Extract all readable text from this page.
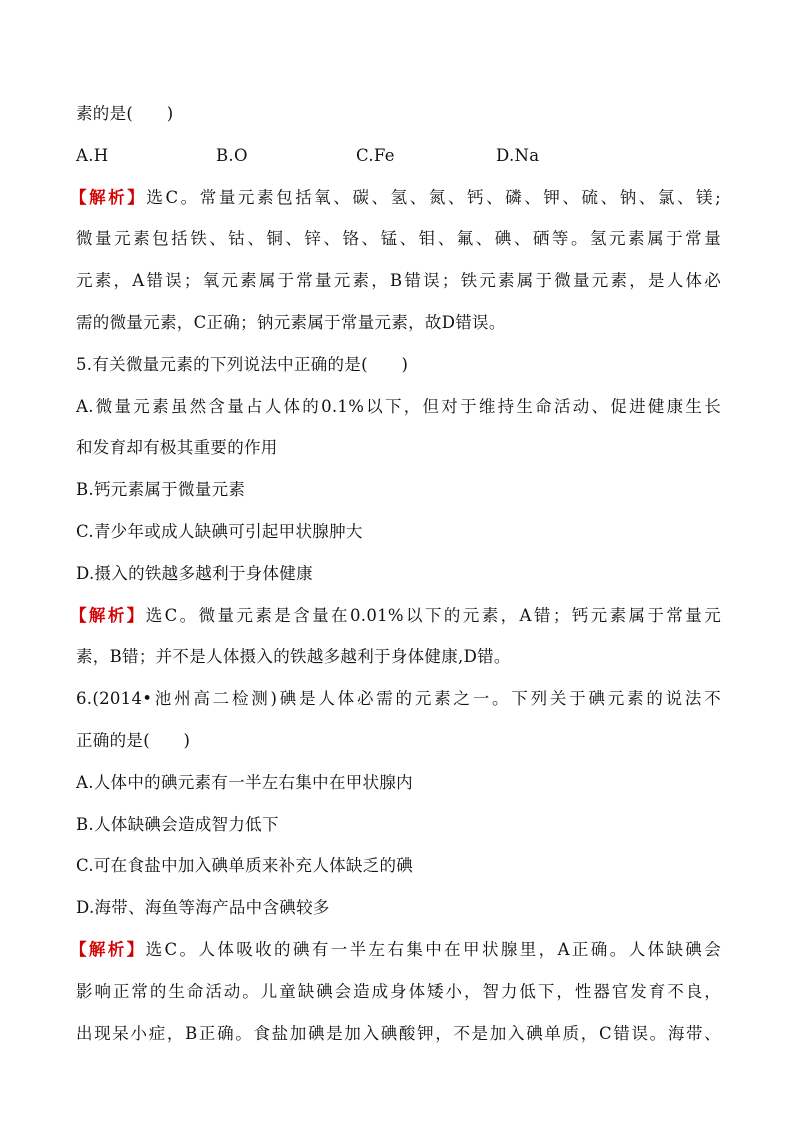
素的是(　　)
A.H	B.O	C.Fe	D.Na
【解析】选C。常量元素包括氧、碳、氢、氮、钙、磷、钾、硫、钠、氯、镁;
微量元素包括铁、钴、铜、锌、铬、锰、钼、氟、碘、硒等。氢元素属于常量
元素，A错误；氧元素属于常量元素，B错误；铁元素属于微量元素，是人体必
需的微量元素，C正确；钠元素属于常量元素，故D错误。
5.有关微量元素的下列说法中正确的是(　　)
A.微量元素虽然含量占人体的0.1%以下，但对于维持生命活动、促进健康生长
和发育却有极其重要的作用
B.钙元素属于微量元素
C.青少年或成人缺碘可引起甲状腺肿大
D.摄入的铁越多越利于身体健康
【解析】选C。微量元素是含量在0.01%以下的元素，A错；钙元素属于常量元
素，B错；并不是人体摄入的铁越多越利于身体健康,D错。
6.(2014•池州高二检测)碘是人体必需的元素之一。下列关于碘元素的说法不
正确的是(　　)
A.人体中的碘元素有一半左右集中在甲状腺内
B.人体缺碘会造成智力低下
C.可在食盐中加入碘单质来补充人体缺乏的碘
D.海带、海鱼等海产品中含碘较多
【解析】选C。人体吸收的碘有一半左右集中在甲状腺里，A正确。人体缺碘会
影响正常的生命活动。儿童缺碘会造成身体矮小，智力低下，性器官发育不良，
出现呆小症，B正确。食盐加碘是加入碘酸钾，不是加入碘单质，C错误。海带、
